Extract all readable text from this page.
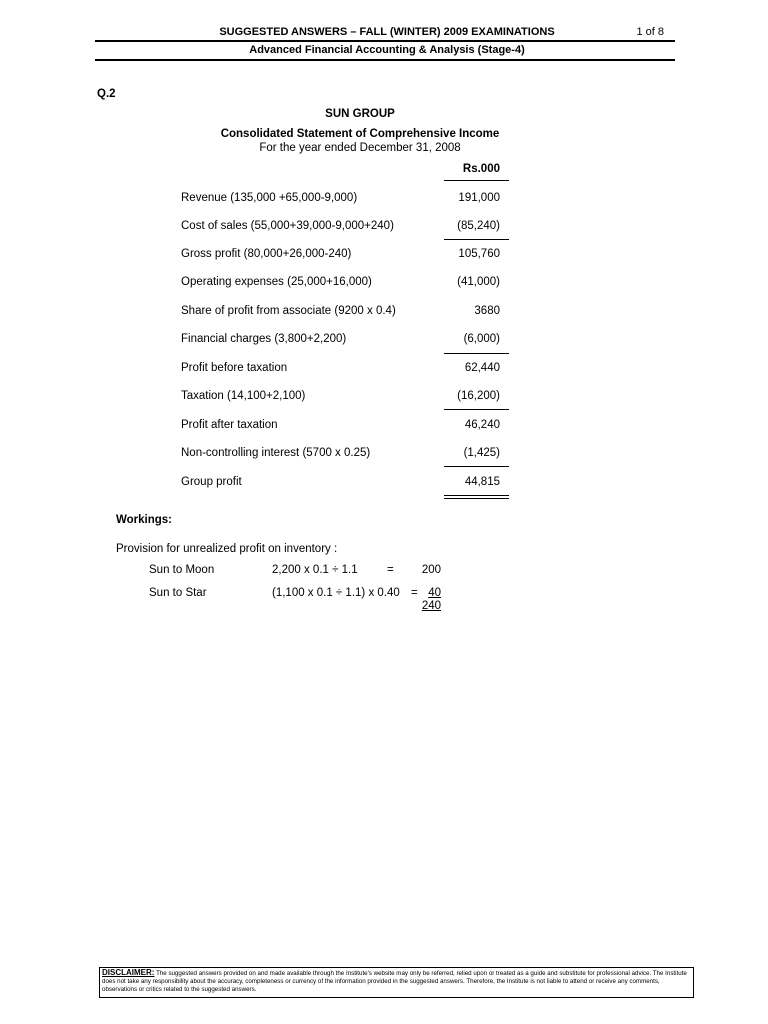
SUGGESTED ANSWERS – FALL (WINTER) 2009 EXAMINATIONS	1 of 8
Advanced Financial Accounting & Analysis (Stage-4)
Q.2
SUN GROUP
Consolidated Statement of Comprehensive Income
For the year ended December 31, 2008
Rs.000
Revenue (135,000 +65,000-9,000)	191,000
Cost of sales (55,000+39,000-9,000+240)	(85,240)
Gross profit (80,000+26,000-240)	105,760
Operating expenses (25,000+16,000)	(41,000)
Share of profit from associate (9200 x 0.4)	3680
Financial charges (3,800+2,200)	(6,000)
Profit before taxation	62,440
Taxation (14,100+2,100)	(16,200)
Profit after taxation	46,240
Non-controlling interest (5700 x 0.25)	(1,425)
Group profit	44,815
Workings:
Provision for unrealized profit on inventory :
Sun to Moon	2,200 x 0.1 ÷ 1.1	= 200
Sun to Star	(1,100 x 0.1 ÷ 1.1) x 0.40 = 40
240
DISCLAIMER: The suggested answers provided on and made available through the Institute's website may only be referred, relied upon or treated as a guide and substitute for professional advice. The Institute does not take any responsibility about the accuracy, completeness or currency of the information provided in the suggested answers. Therefore, the Institute is not liable to attend or receive any comments, observations or critics related to the suggested answers.
